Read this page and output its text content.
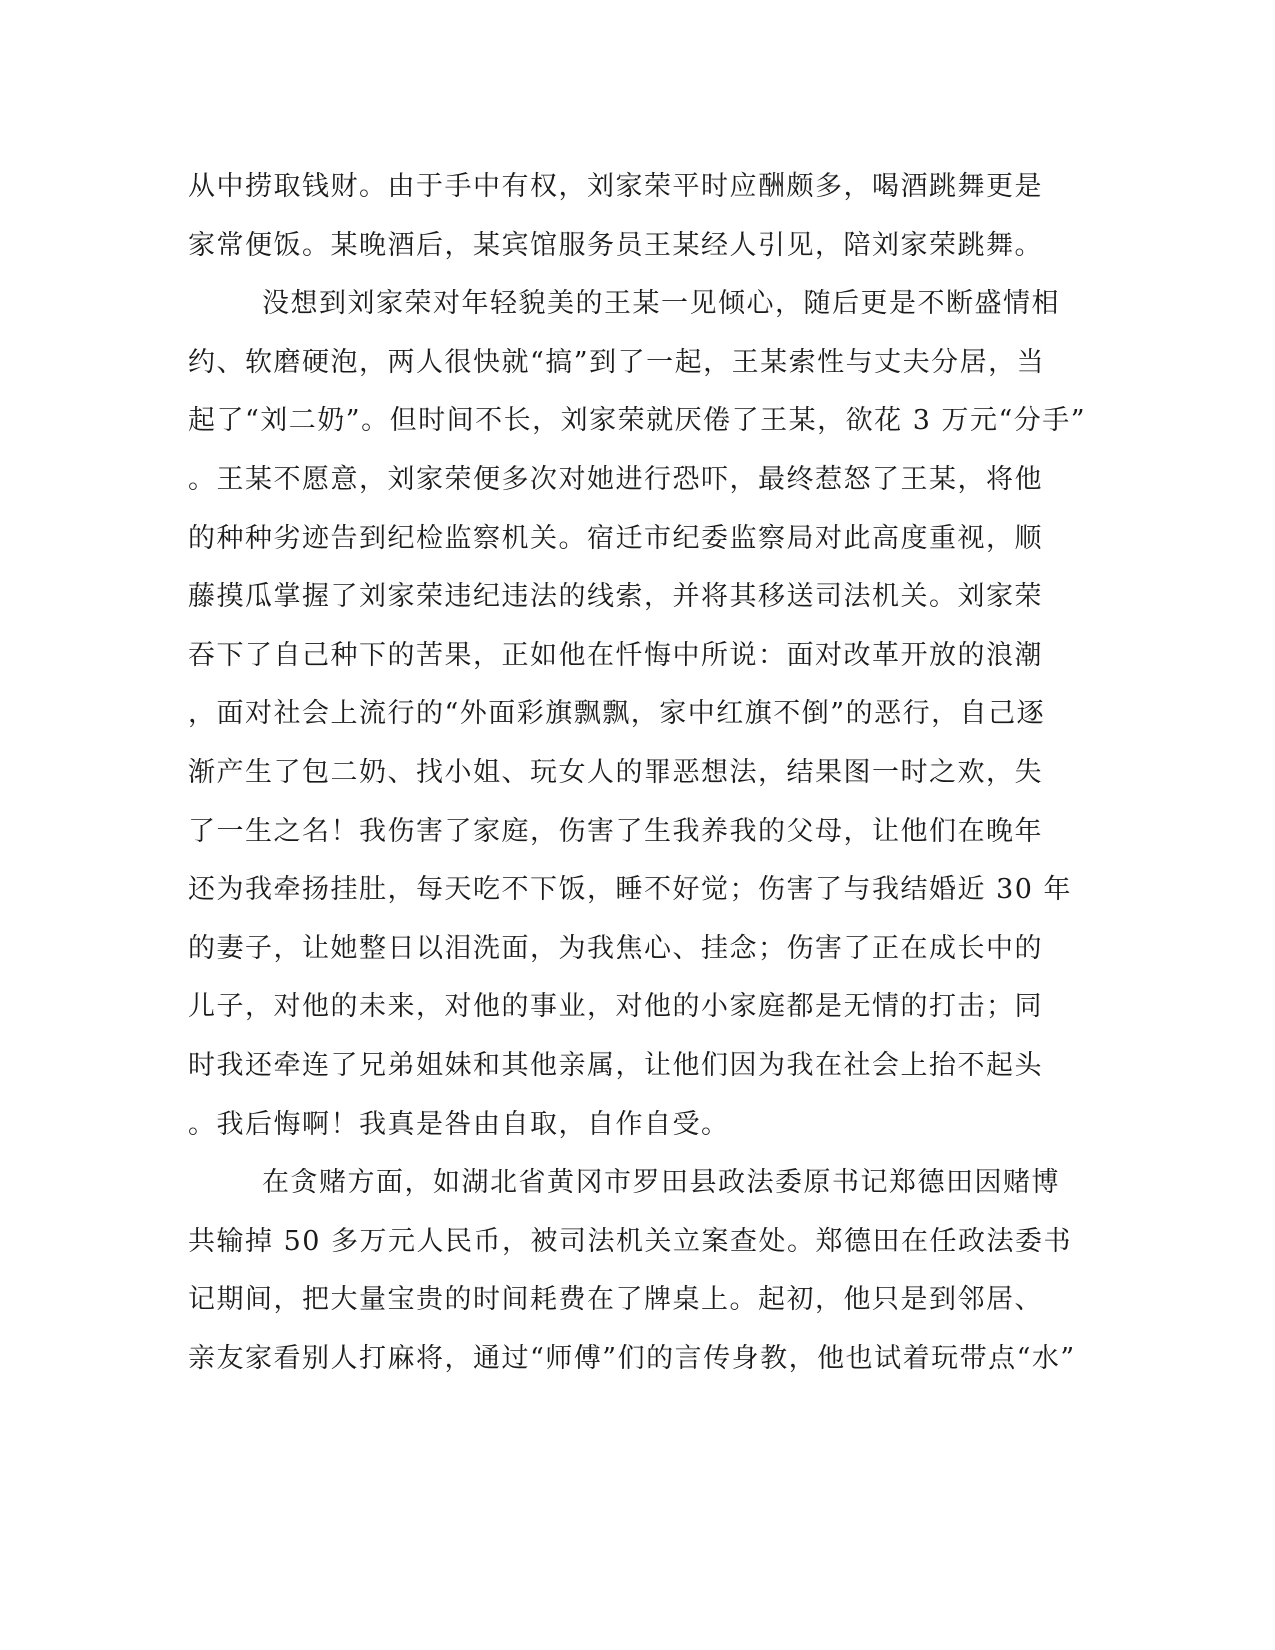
从中捞取钱财。由于手中有权，刘家荣平时应酬颇多，喝酒跳舞更是
家常便饭。某晚酒后，某宾馆服务员王某经人引见，陪刘家荣跳舞。
没想到刘家荣对年轻貌美的王某一见倾心，随后更是不断盛情相
约、软磨硬泡，两人很快就“搞”到了一起，王某索性与丈夫分居，当
起了“刘二奶”。但时间不长，刘家荣就厌倦了王某，欲花 3 万元“分手”
。王某不愿意，刘家荣便多次对她进行恐吓，最终惹怒了王某，将他
的种种劣迹告到纪检监察机关。宿迁市纪委监察局对此高度重视，顺
藤摸瓜掌握了刘家荣违纪违法的线索，并将其移送司法机关。刘家荣
吞下了自己种下的苦果，正如他在忏悔中所说：面对改革开放的浪潮
，面对社会上流行的“外面彩旗飘飘，家中红旗不倒”的恶行，自己逐
渐产生了包二奶、找小姐、玩女人的罪恶想法，结果图一时之欢，失
了一生之名！我伤害了家庭，伤害了生我养我的父母，让他们在晚年
还为我牵扬挂肚，每天吃不下饭，睡不好觉；伤害了与我结婚近 30 年
的妻子，让她整日以泪洗面，为我焦心、挂念；伤害了正在成长中的
儿子，对他的未来，对他的事业，对他的小家庭都是无情的打击；同
时我还牵连了兄弟姐妹和其他亲属，让他们因为我在社会上抬不起头
。我后悔啊！我真是咎由自取，自作自受。
在贪赌方面，如湖北省黄冈市罗田县政法委原书记郑德田因赌博
共输掉 50 多万元人民币，被司法机关立案查处。郑德田在任政法委书
记期间，把大量宝贵的时间耗费在了牌桌上。起初，他只是到邻居、
亲友家看别人打麻将，通过“师傅”们的言传身教，他也试着玩带点“水”
